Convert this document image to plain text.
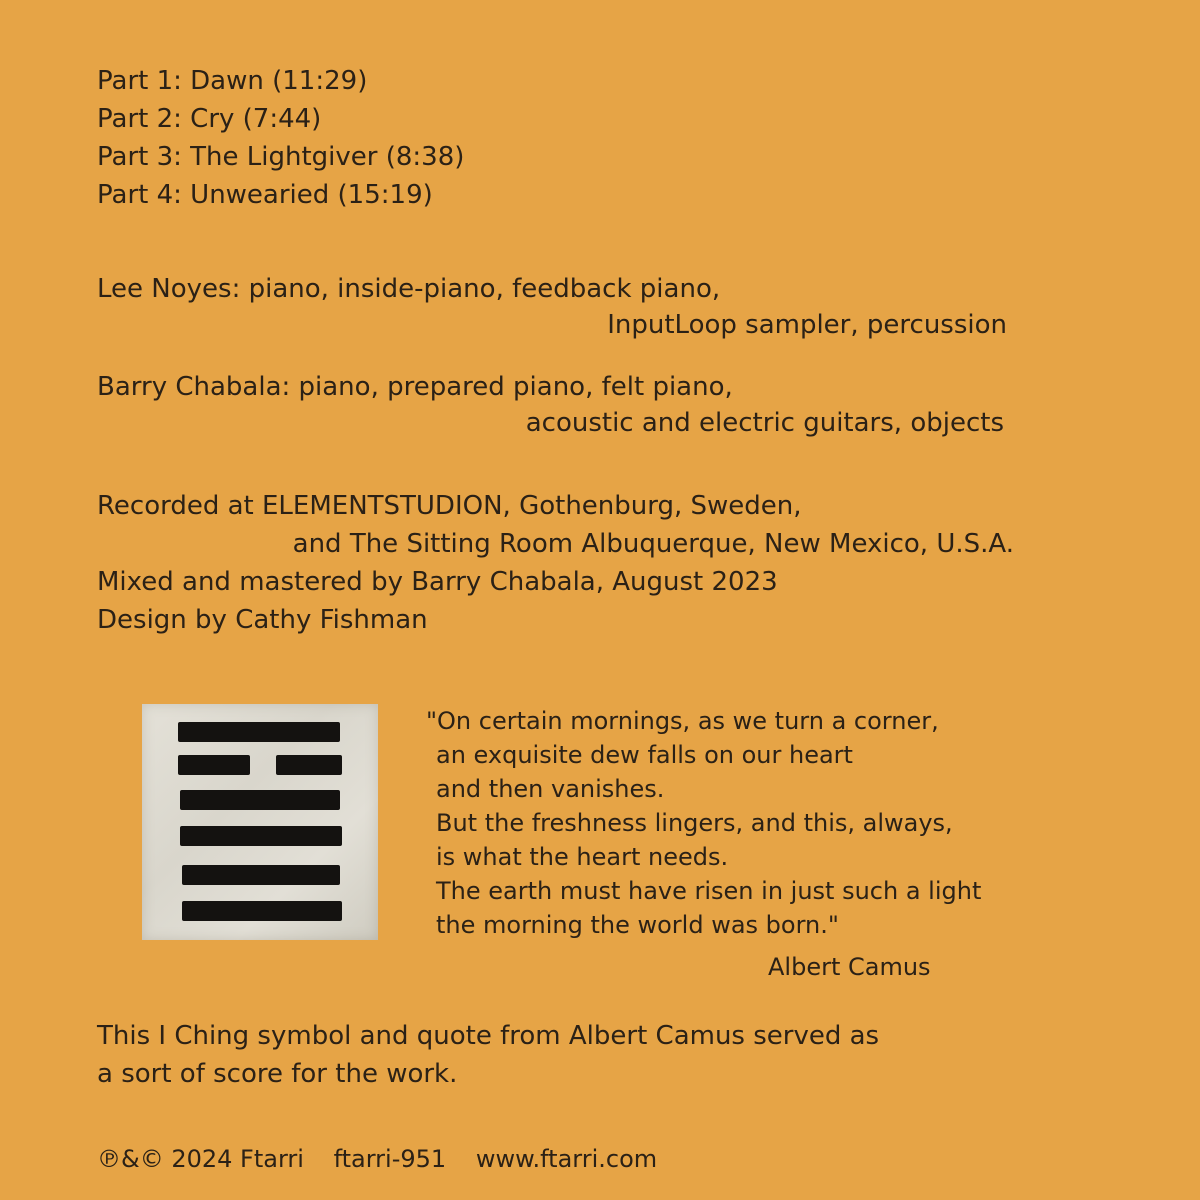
Part 1: Dawn (11:29)
Part 2: Cry (7:44)
Part 3: The Lightgiver (8:38)
Part 4: Unwearied (15:19)
Lee Noyes: piano, inside-piano, feedback piano,
InputLoop sampler, percussion
Barry Chabala: piano, prepared piano, felt piano,
acoustic and electric guitars, objects
Recorded at ELEMENTSTUDION, Gothenburg, Sweden,
and The Sitting Room Albuquerque, New Mexico, U.S.A.
Mixed and mastered by Barry Chabala, August 2023
Design by Cathy Fishman
"On certain mornings, as we turn a corner,
an exquisite dew falls on our heart
and then vanishes.
But the freshness lingers, and this, always,
is what the heart needs.
The earth must have risen in just such a light
the morning the world was born."
Albert Camus
This I Ching symbol and quote from Albert Camus served as
a sort of score for the work.
℗&© 2024 Ftarri ftarri-951 www.ftarri.com
